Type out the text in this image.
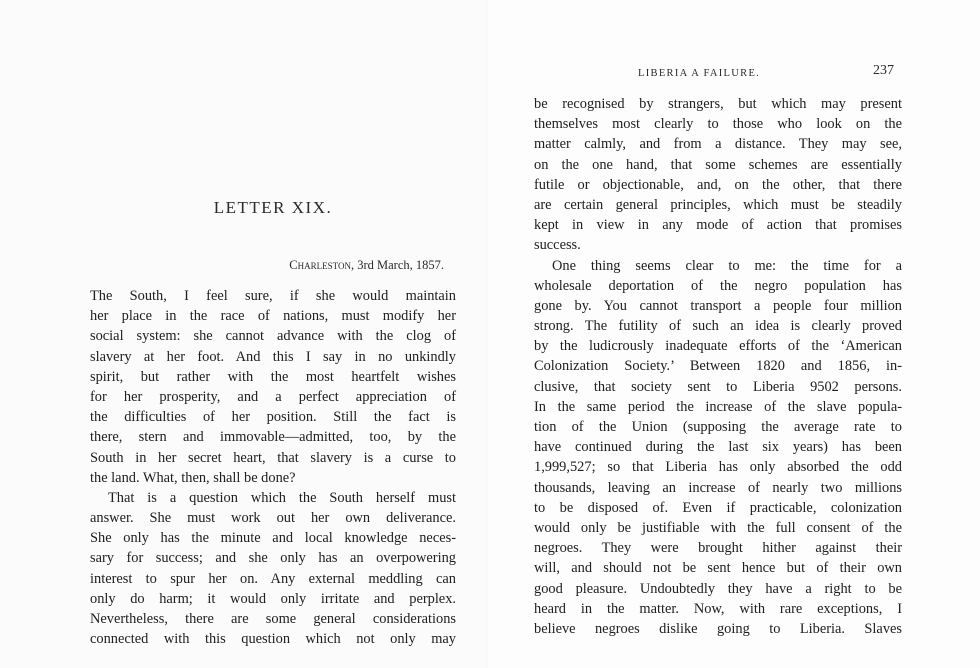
LETTER XIX.
Charleston, 3rd March, 1857.
The South, I feel sure, if she would maintain
her place in the race of nations, must modify her
social system: she cannot advance with the clog of
slavery at her foot. And this I say in no unkindly
spirit, but rather with the most heartfelt wishes
for her prosperity, and a perfect appreciation of
the difficulties of her position. Still the fact is
there, stern and immovable—admitted, too, by the
South in her secret heart, that slavery is a curse to
the land. What, then, shall be done?
That is a question which the South herself must
answer. She must work out her own deliverance.
She only has the minute and local knowledge neces-
sary for success; and she only has an overpowering
interest to spur her on. Any external meddling can
only do harm; it would only irritate and perplex.
Nevertheless, there are some general considerations
connected with this question which not only may
LIBERIA A FAILURE.	237
be recognised by strangers, but which may present
themselves most clearly to those who look on the
matter calmly, and from a distance. They may see,
on the one hand, that some schemes are essentially
futile or objectionable, and, on the other, that there
are certain general principles, which must be steadily
kept in view in any mode of action that promises
success.
One thing seems clear to me: the time for a
wholesale deportation of the negro population has
gone by. You cannot transport a people four million
strong. The futility of such an idea is clearly proved
by the ludicrously inadequate efforts of the ‘American
Colonization Society.’ Between 1820 and 1856, in-
clusive, that society sent to Liberia 9502 persons.
In the same period the increase of the slave popula-
tion of the Union (supposing the average rate to
have continued during the last six years) has been
1,999,527; so that Liberia has only absorbed the odd
thousands, leaving an increase of nearly two millions
to be disposed of. Even if practicable, colonization
would only be justifiable with the full consent of the
negroes. They were brought hither against their
will, and should not be sent hence but of their own
good pleasure. Undoubtedly they have a right to be
heard in the matter. Now, with rare exceptions, I
believe negroes dislike going to Liberia. Slaves
